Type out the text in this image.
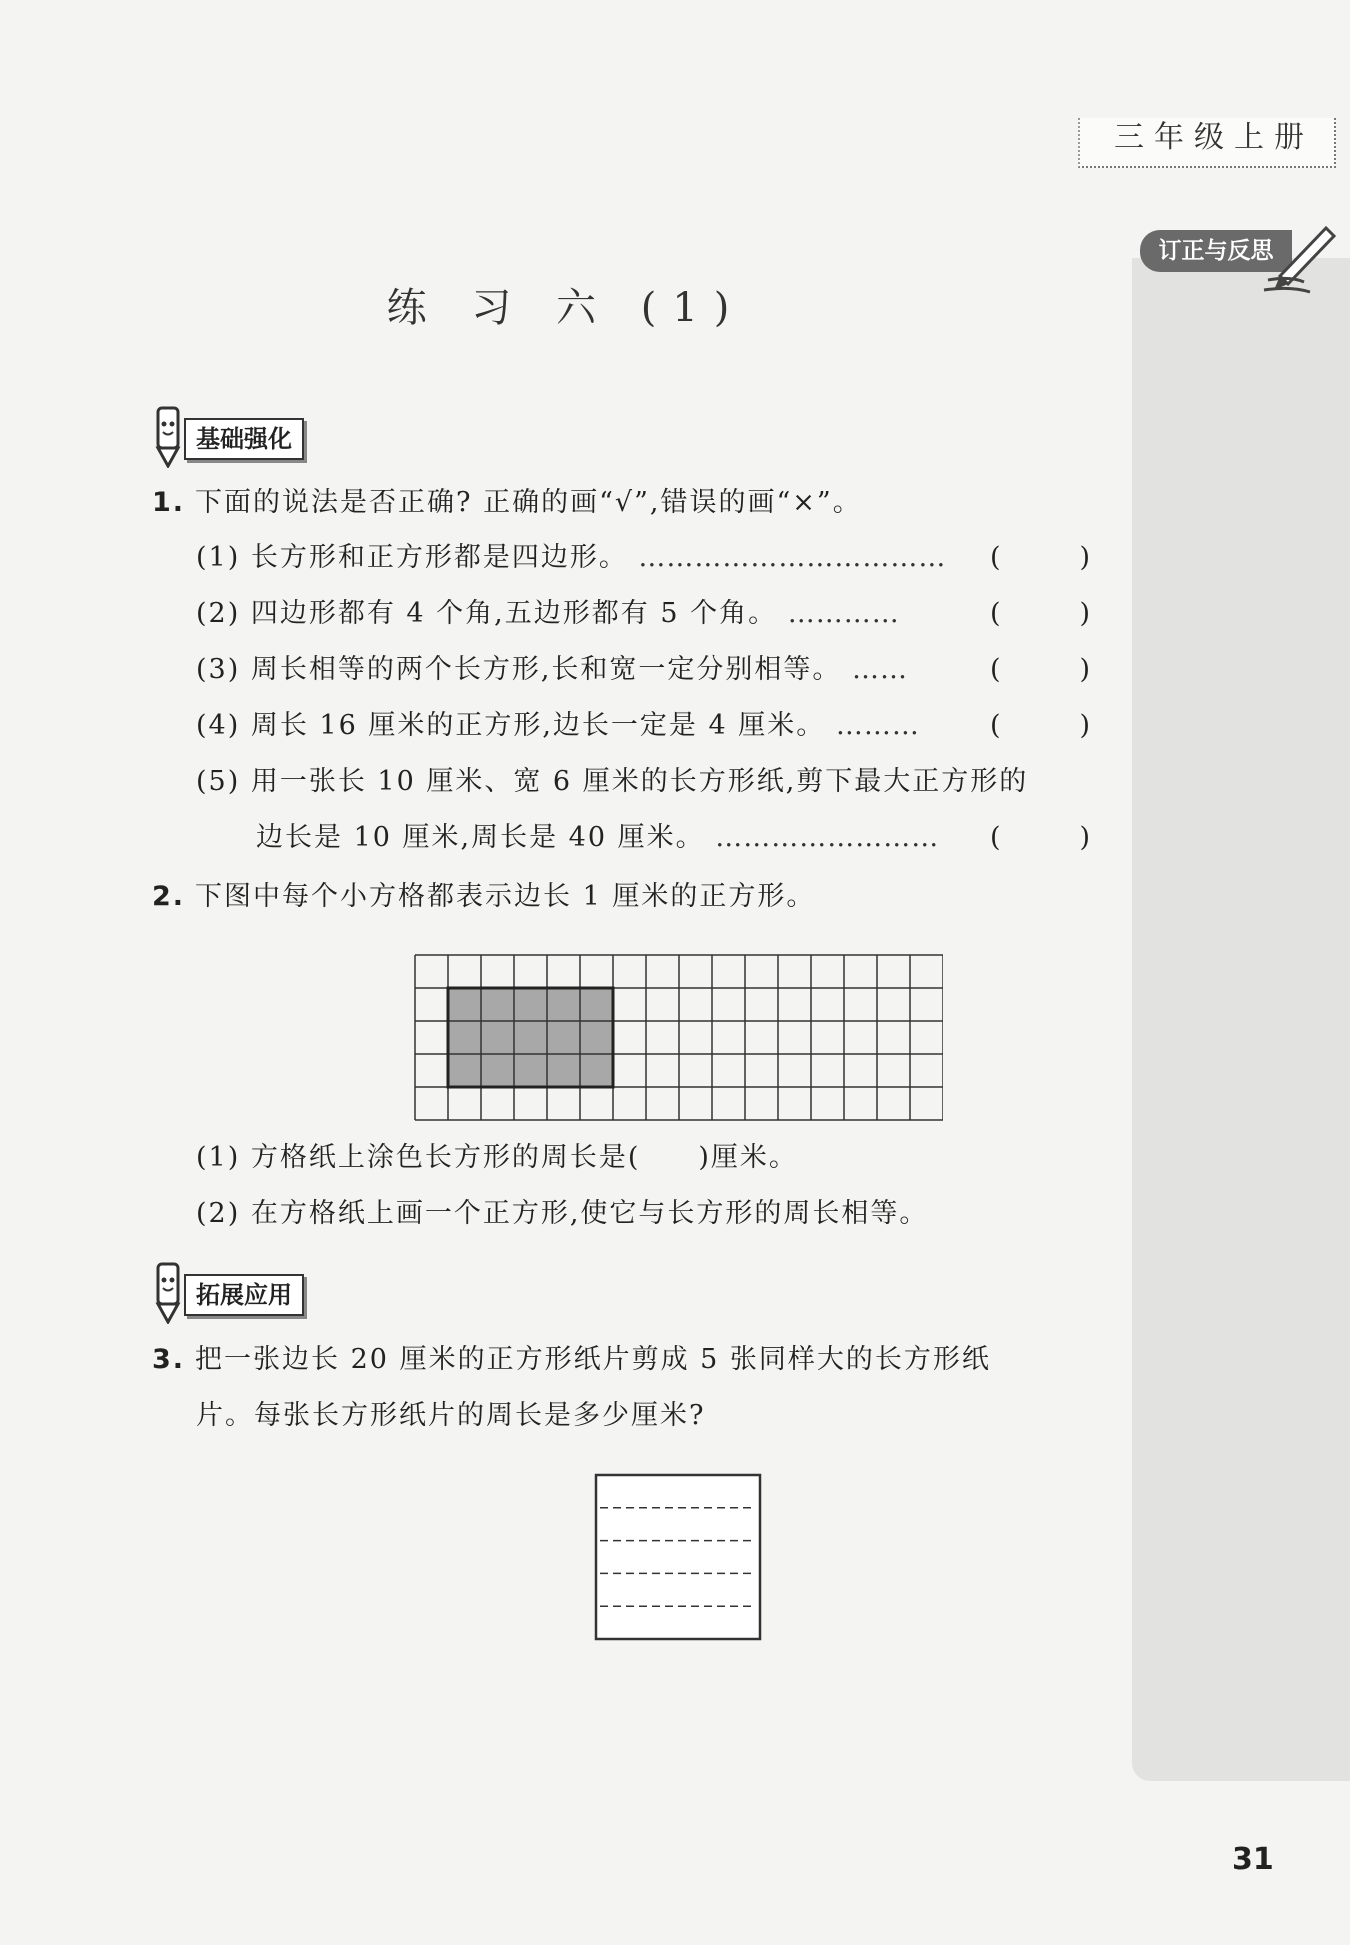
三年级上册
订正与反思
练 习 六 (1)
基础强化
1. 下面的说法是否正确? 正确的画“√”,错误的画“×”。
(1) 长方形和正方形都是四边形。 …………………………… (	)
(2) 四边形都有 4 个角,五边形都有 5 个角。 …………	(	)
(3) 周长相等的两个长方形,长和宽一定分别相等。 ……	(	)
(4) 周长 16 厘米的正方形,边长一定是 4 厘米。 ………	(	)
(5) 用一张长 10 厘米、宽 6 厘米的长方形纸,剪下最大正方形的
边长是 10 厘米,周长是 40 厘米。 …………………… (	)
2. 下图中每个小方格都表示边长 1 厘米的正方形。
(1) 方格纸上涂色长方形的周长是(　　)厘米。
(2) 在方格纸上画一个正方形,使它与长方形的周长相等。
拓展应用
3. 把一张边长 20 厘米的正方形纸片剪成 5 张同样大的长方形纸
片。每张长方形纸片的周长是多少厘米?
31
